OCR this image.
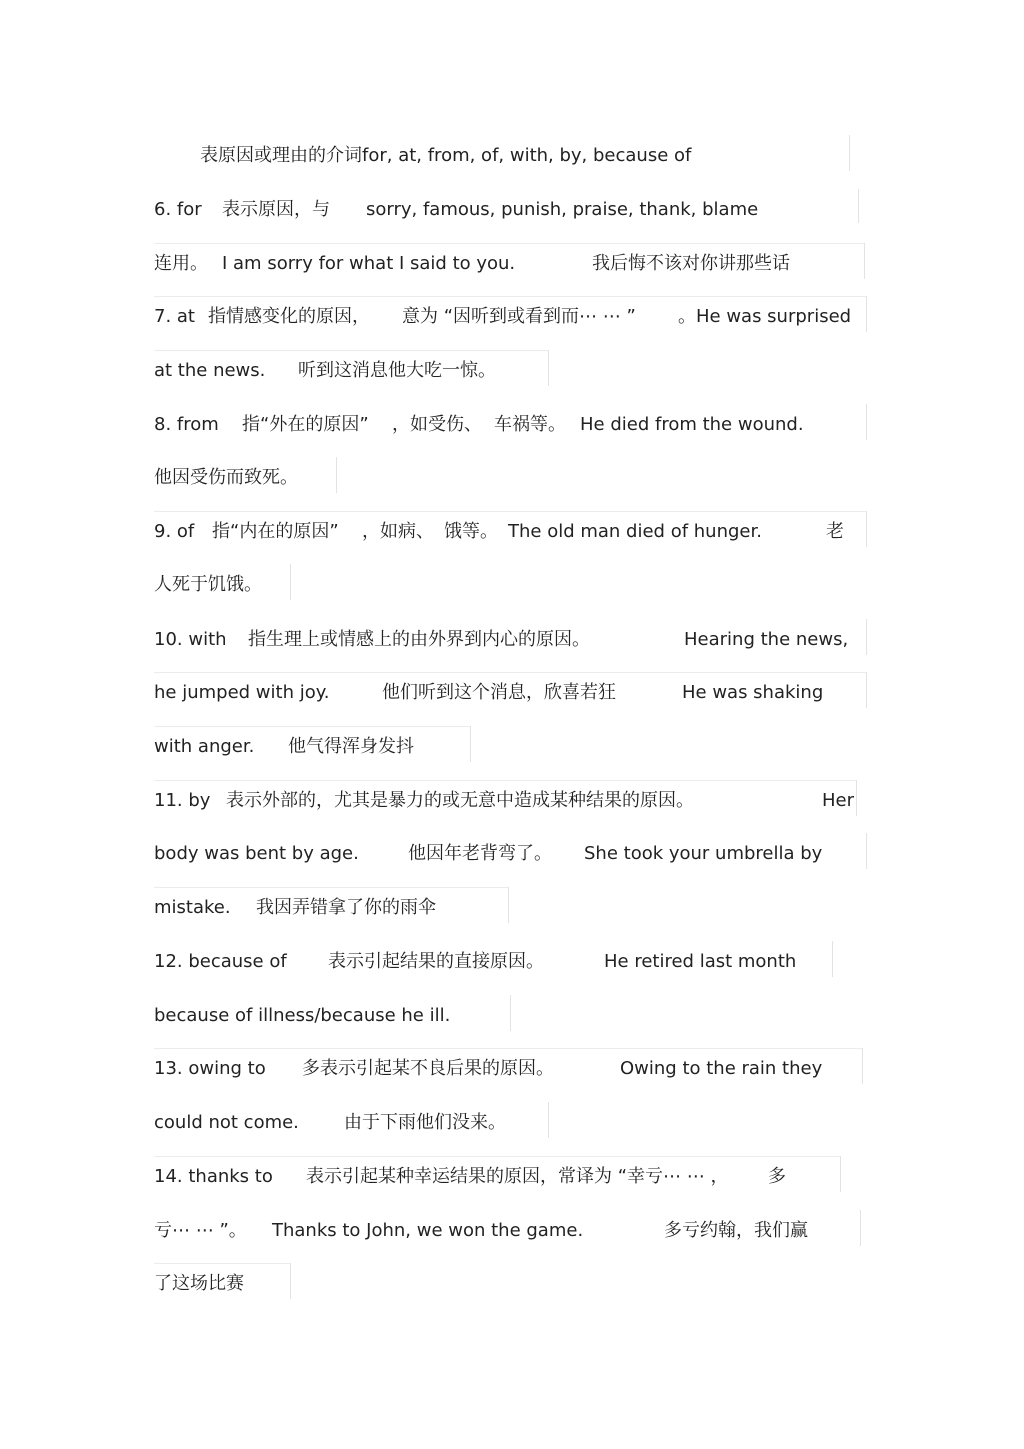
表原因或理由的介词for, at, from, of, with, by, because of
6. for 表示原因，与 sorry, famous, punish, praise, thank, blame
连用。 I am sorry for what I said to you.	我后悔不该对你讲那些话
7. at 指情感变化的原因， 意为 “因听到或看到而⋯ ⋯ ” 。He was surprised
at the news. 听到这消息他大吃一惊。
8. from 指“外在的原因” ，如受伤、 车祸等。 He died from the wound.
他因受伤而致死。
9. of 指“内在的原因” ，如病、 饿等。 The old man died of hunger.	老
人死于饥饿。
10. with 指生理上或情感上的由外界到内心的原因。	Hearing the news,
he jumped with joy.	他们听到这个消息，欣喜若狂	He was shaking
with anger. 他气得浑身发抖
11. by 表示外部的，尤其是暴力的或无意中造成某种结果的原因。	Her
body was bent by age.	他因年老背弯了。 She took your umbrella by
mistake. 我因弄错拿了你的雨伞
12. because of 表示引起结果的直接原因。	He retired last month
because of illness/because he ill.
13. owing to 多表示引起某不良后果的原因。	Owing to the rain they
could not come.	由于下雨他们没来。
14. thanks to 表示引起某种幸运结果的原因，常译为 “幸亏⋯ ⋯ ， 多
亏⋯ ⋯ ”。 Thanks to John, we won the game.	多亏约翰，我们赢
了这场比赛
